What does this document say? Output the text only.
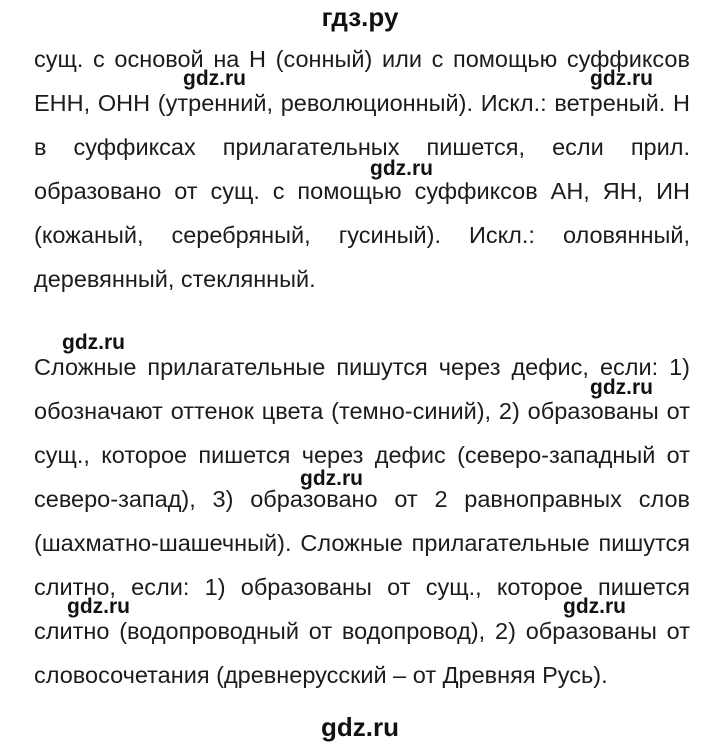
гдз.ру
сущ. с основой на Н (сонный) или с помощью суффиксов
ЕНН, ОНН (утренний, революционный). Искл.: ветреный. Н
в суффиксах прилагательных пишется, если прил.
образовано от сущ. с помощью суффиксов АН, ЯН, ИН
(кожаный, серебряный, гусиный). Искл.: оловянный,
деревянный, стеклянный.
Сложные прилагательные пишутся через дефис, если: 1)
обозначают оттенок цвета (темно-синий), 2) образованы от
сущ., которое пишется через дефис (северо-западный от
северо-запад), 3) образовано от 2 равноправных слов
(шахматно-шашечный). Сложные прилагательные пишутся
слитно, если: 1) образованы от сущ., которое пишется
слитно (водопроводный от водопровод), 2) образованы от
словосочетания (древнерусский – от Древняя Русь).
gdz.ru	gdz.ru
gdz.ru
gdz.ru
gdz.ru
gdz.ru
gdz.ru	gdz.ru
gdz.ru
